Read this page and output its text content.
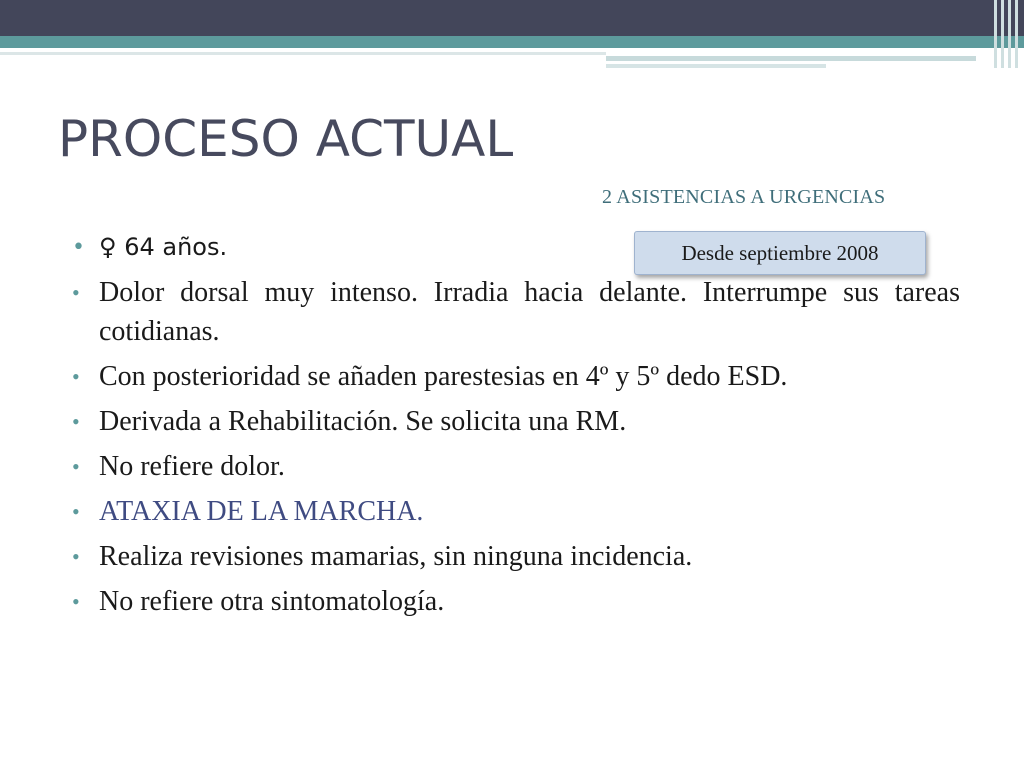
PROCESO ACTUAL

2 ASISTENCIAS A URGENCIAS

Desde septiembre 2008
• ♀ 64 años.
• Dolor dorsal muy intenso. Irradia hacia delante. Interrumpe sus tareas cotidianas.
• Con posterioridad se añaden parestesias en 4º y 5º dedo ESD.
• Derivada a Rehabilitación. Se solicita una RM.
• No refiere dolor.
• ATAXIA DE LA MARCHA.
• Realiza revisiones mamarias, sin ninguna incidencia.
• No refiere otra sintomatología.
